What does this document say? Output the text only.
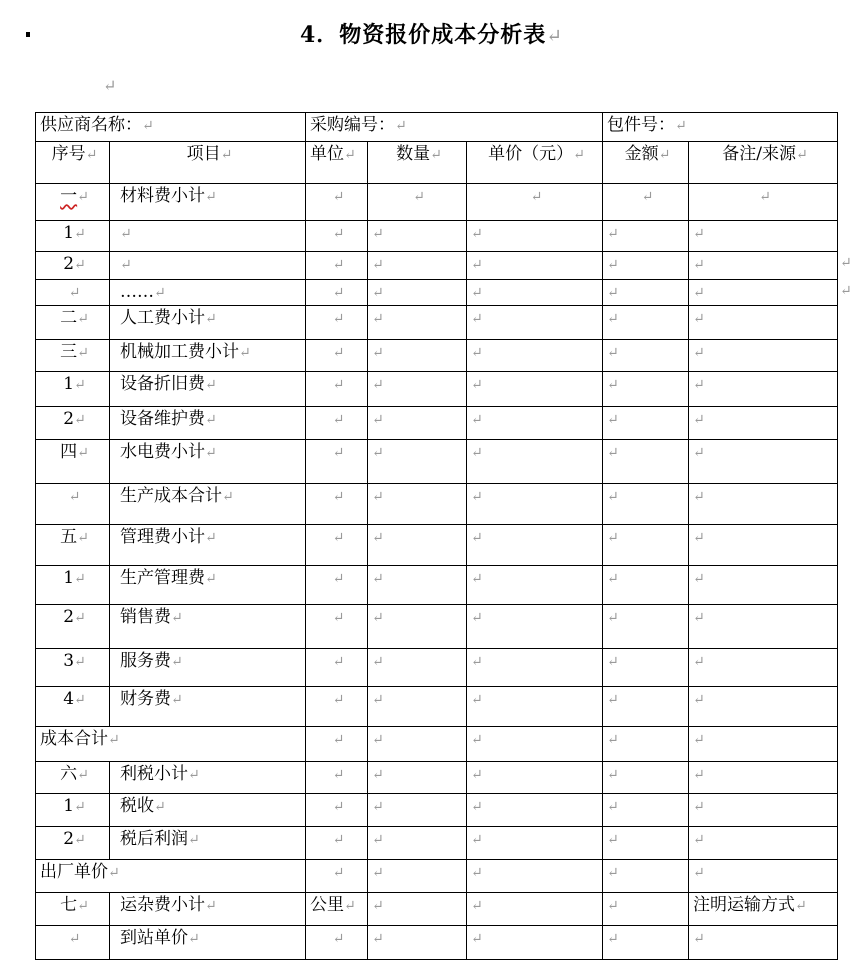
4．物资报价成本分析表↵
↵
供应商名称：↵		采购编号：↵			包件号：↵	
序号↵	项目↵	单位↵	数量↵	单价（元）↵	金额↵	备注/来源↵
一↵	材料费小计↵	↵	↵	↵	↵	↵
1↵	↵	↵	↵	↵	↵	↵
2↵	↵	↵	↵	↵	↵	↵
↵	……↵	↵	↵	↵	↵	↵
二↵	人工费小计↵	↵	↵	↵	↵	↵
三↵	机械加工费小计↵	↵	↵	↵	↵	↵
1↵	设备折旧费↵	↵	↵	↵	↵	↵
2↵	设备维护费↵	↵	↵	↵	↵	↵
四↵	水电费小计↵	↵	↵	↵	↵	↵
↵	生产成本合计↵	↵	↵	↵	↵	↵
五↵	管理费小计↵	↵	↵	↵	↵	↵
1↵	生产管理费↵	↵	↵	↵	↵	↵
2↵	销售费↵	↵	↵	↵	↵	↵
3↵	服务费↵	↵	↵	↵	↵	↵
4↵	财务费↵	↵	↵	↵	↵	↵
成本合计↵		↵	↵	↵	↵	↵
六↵	利税小计↵	↵	↵	↵	↵	↵
1↵	税收↵	↵	↵	↵	↵	↵
2↵	税后利润↵	↵	↵	↵	↵	↵
出厂单价↵		↵	↵	↵	↵	↵
七↵	运杂费小计↵	公里↵	↵	↵	↵	注明运输方式↵
↵	到站单价↵	↵	↵	↵	↵	↵
↵
↵
